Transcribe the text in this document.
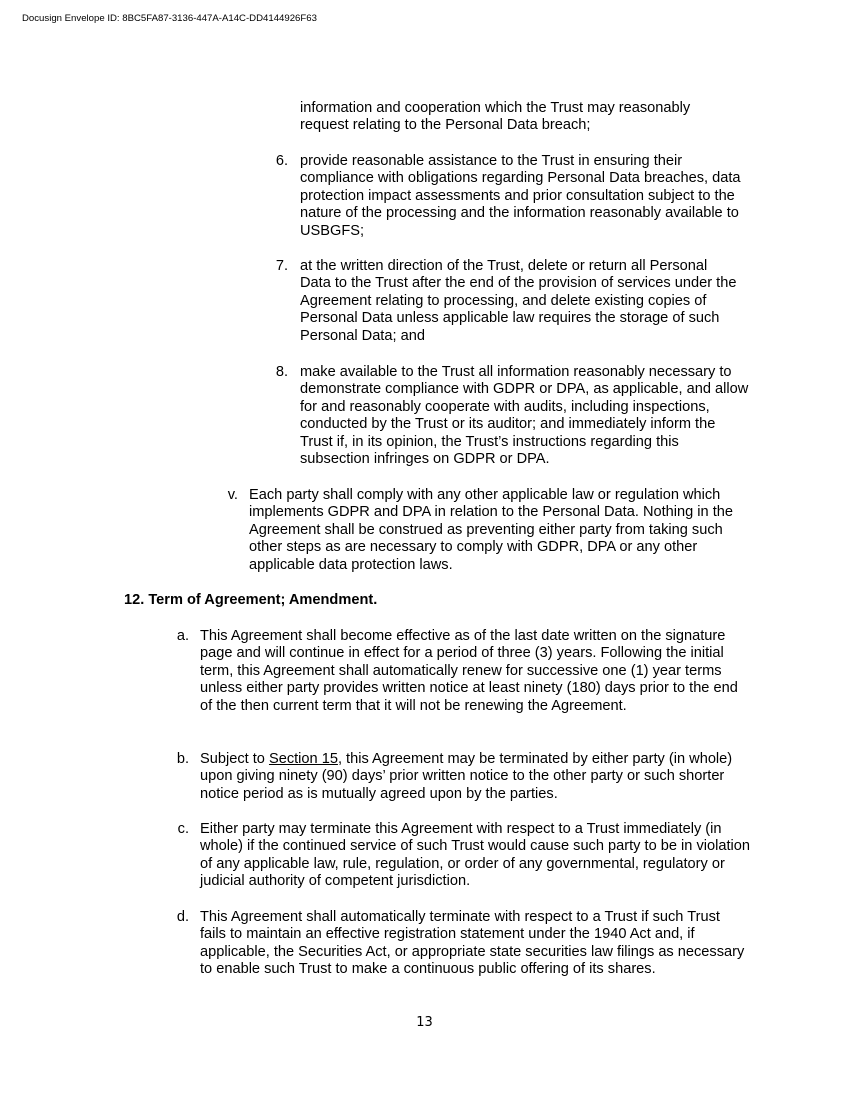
Docusign Envelope ID: 8BC5FA87-3136-447A-A14C-DD4144926F63

information and cooperation which the Trust may reasonably request relating to the Personal Data breach;

6. provide reasonable assistance to the Trust in ensuring their compliance with obligations regarding Personal Data breaches, data protection impact assessments and prior consultation subject to the nature of the processing and the information reasonably available to USBGFS;

7. at the written direction of the Trust, delete or return all Personal Data to the Trust after the end of the provision of services under the Agreement relating to processing, and delete existing copies of Personal Data unless applicable law requires the storage of such Personal Data; and

8. make available to the Trust all information reasonably necessary to demonstrate compliance with GDPR or DPA, as applicable, and allow for and reasonably cooperate with audits, including inspections, conducted by the Trust or its auditor; and immediately inform the Trust if, in its opinion, the Trust’s instructions regarding this subsection infringes on GDPR or DPA.

v. Each party shall comply with any other applicable law or regulation which implements GDPR and DPA in relation to the Personal Data. Nothing in the Agreement shall be construed as preventing either party from taking such other steps as are necessary to comply with GDPR, DPA or any other applicable data protection laws.

12. Term of Agreement; Amendment.
a. This Agreement shall become effective as of the last date written on the signature page and will continue in effect for a period of three (3) years. Following the initial term, this Agreement shall automatically renew for successive one (1) year terms unless either party provides written notice at least ninety (180) days prior to the end of the then current term that it will not be renewing the Agreement.

b. Subject to Section 15, this Agreement may be terminated by either party (in whole) upon giving ninety (90) days’ prior written notice to the other party or such shorter notice period as is mutually agreed upon by the parties.

c. Either party may terminate this Agreement with respect to a Trust immediately (in whole) if the continued service of such Trust would cause such party to be in violation of any applicable law, rule, regulation, or order of any governmental, regulatory or judicial authority of competent jurisdiction.

d. This Agreement shall automatically terminate with respect to a Trust if such Trust fails to maintain an effective registration statement under the 1940 Act and, if applicable, the Securities Act, or appropriate state securities law filings as necessary to enable such Trust to make a continuous public offering of its shares.

13
